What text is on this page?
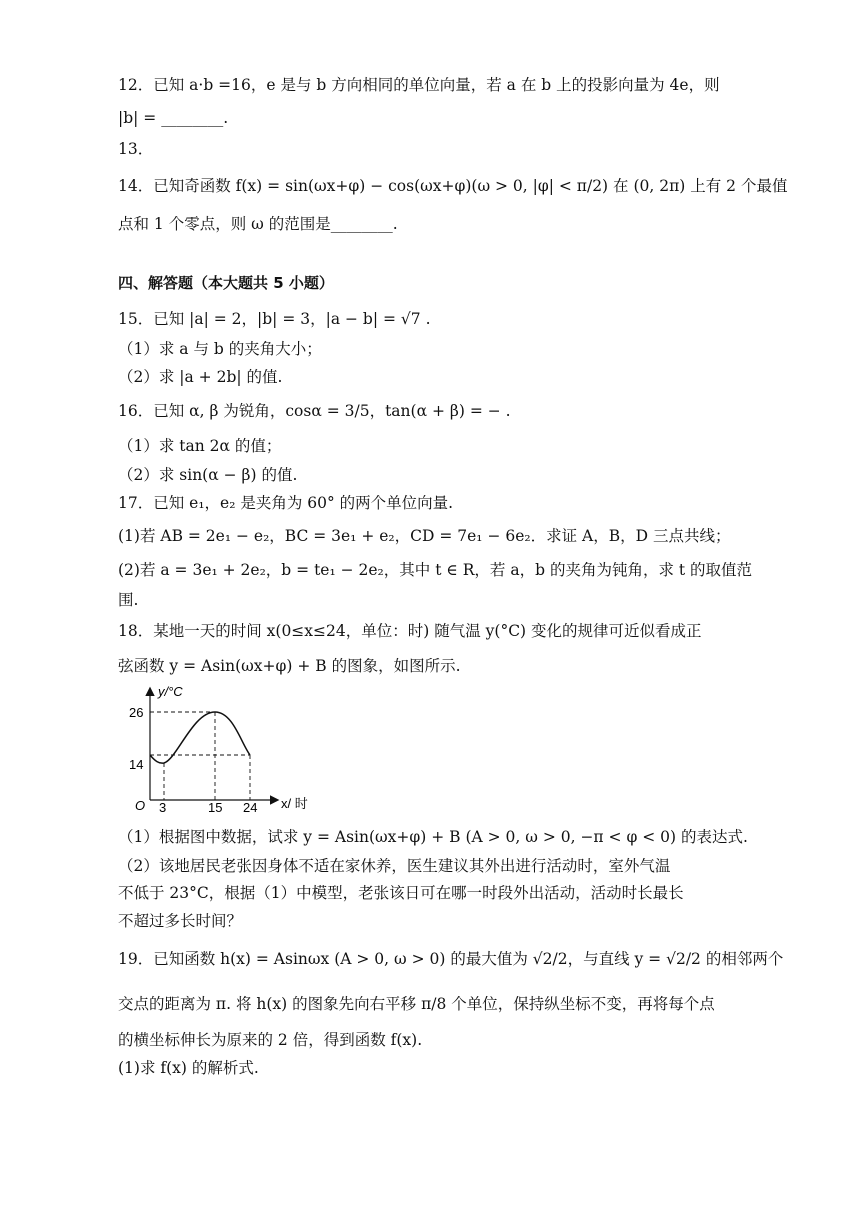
12．已知 a·b =16，e 是与 b 方向相同的单位向量，若 a 在 b 上的投影向量为 4e，则
|b| = ________.
13．
14．已知奇函数 f(x) = sin(ωx+φ) − cos(ωx+φ)(ω > 0, |φ| < π/2) 在 (0, 2π) 上有 2 个最值
点和 1 个零点，则 ω 的范围是________.
四、解答题（本大题共 5 小题）
15．已知 |a| = 2，|b| = 3，|a − b| = √7 .
（1）求 a 与 b 的夹角大小；
（2）求 |a + 2b| 的值.
16．已知 α, β 为锐角，cosα = 3/5，tan(α + β) = − .
（1）求 tan 2α 的值；
（2）求 sin(α − β) 的值.
17．已知 e₁，e₂ 是夹角为 60° 的两个单位向量.
(1)若 AB = 2e₁ − e₂，BC = 3e₁ + e₂，CD = 7e₁ − 6e₂．求证 A，B，D 三点共线；
(2)若 a = 3e₁ + 2e₂，b = te₁ − 2e₂，其中 t ∈ R，若 a，b 的夹角为钝角，求 t 的取值范
围.
18．某地一天的时间 x(0≤x≤24，单位：时) 随气温 y(°C) 变化的规律可近似看成正
弦函数 y = Asin(ωx+φ) + B 的图象，如图所示.
y/°C
x/ 时
O
26
14
3	15 24
（1）根据图中数据，试求 y = Asin(ωx+φ) + B (A > 0, ω > 0, −π < φ < 0) 的表达式.
（2）该地居民老张因身体不适在家休养，医生建议其外出进行活动时，室外气温
不低于 23°C，根据（1）中模型，老张该日可在哪一时段外出活动，活动时长最长
不超过多长时间？
19．已知函数 h(x) = Asinωx (A > 0, ω > 0) 的最大值为 √2/2，与直线 y = √2/2 的相邻两个
交点的距离为 π. 将 h(x) 的图象先向右平移 π/8 个单位，保持纵坐标不变，再将每个点
的横坐标伸长为原来的 2 倍，得到函数 f(x).
(1)求 f(x) 的解析式.
